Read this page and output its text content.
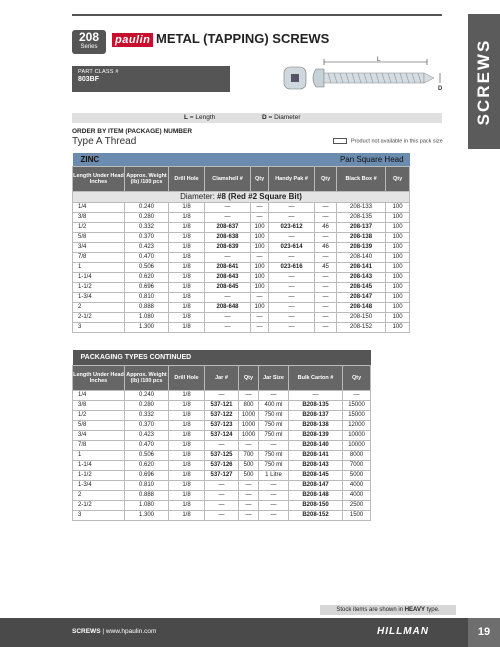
SCREWS
208
Series
paulin METAL (TAPPING) SCREWS
PART CLASS #
803BF
L
D
L = Length	D = Diameter
ORDER BY ITEM (PACKAGE) NUMBER
Type A Thread	Product not available in this pack size
ZINC				Pan Square Head				
Length Under Head Inches	Approx. Weight (lb) /100 pcs	Drill Hole	Clamshell #	Qty	Handy Pak #	Qty	Black Box #	Qty
Diameter: #8 (Red #2 Square Bit)								
1/4	0.240	1/8	—	—	—	—	208-133	100
3/8	0.280	1/8	—	—	—	—	208-135	100
1/2	0.332	1/8	208-637	100	023-612	46	208-137	100
5/8	0.370	1/8	208-638	100	—	—	208-138	100
3/4	0.423	1/8	208-639	100	023-614	46	208-139	100
7/8	0.470	1/8	—	—	—	—	208-140	100
1	0.506	1/8	208-641	100	023-616	45	208-141	100
1-1/4	0.620	1/8	208-643	100	—	—	208-143	100
1-1/2	0.696	1/8	208-645	100	—	—	208-145	100
1-3/4	0.810	1/8	—	—	—	—	208-147	100
2	0.888	1/8	208-648	100	—	—	208-148	100
2-1/2	1.080	1/8	—	—	—	—	208-150	100
3	1.300	1/8	—	—	—	—	208-152	100
PACKAGING TYPES CONTINUED							
Length Under Head Inches	Approx. Weight (lb) /100 pcs	Drill Hole	Jar #	Qty	Jar Size	Bulk Carton #	Qty
1/4	0.240	1/8	—	—	—	—	—
3/8	0.280	1/8	537-121	800	400 ml	B208-135	15000
1/2	0.332	1/8	537-122	1000	750 ml	B208-137	15000
5/8	0.370	1/8	537-123	1000	750 ml	B208-138	12000
3/4	0.423	1/8	537-124	1000	750 ml	B208-139	10000
7/8	0.470	1/8	—	—	—	B208-140	10000
1	0.506	1/8	537-125	700	750 ml	B208-141	8000
1-1/4	0.620	1/8	537-126	500	750 ml	B208-143	7000
1-1/2	0.696	1/8	537-127	500	1 Litre	B208-145	5000
1-3/4	0.810	1/8	—	—	—	B208-147	4000
2	0.888	1/8	—	—	—	B208-148	4000
2-1/2	1.080	1/8	—	—	—	B208-150	2500
3	1.300	1/8	—	—	—	B208-152	1500
Stock items are shown in HEAVY type.
SCREWS | www.hpaulin.com	HILLMAN	19
